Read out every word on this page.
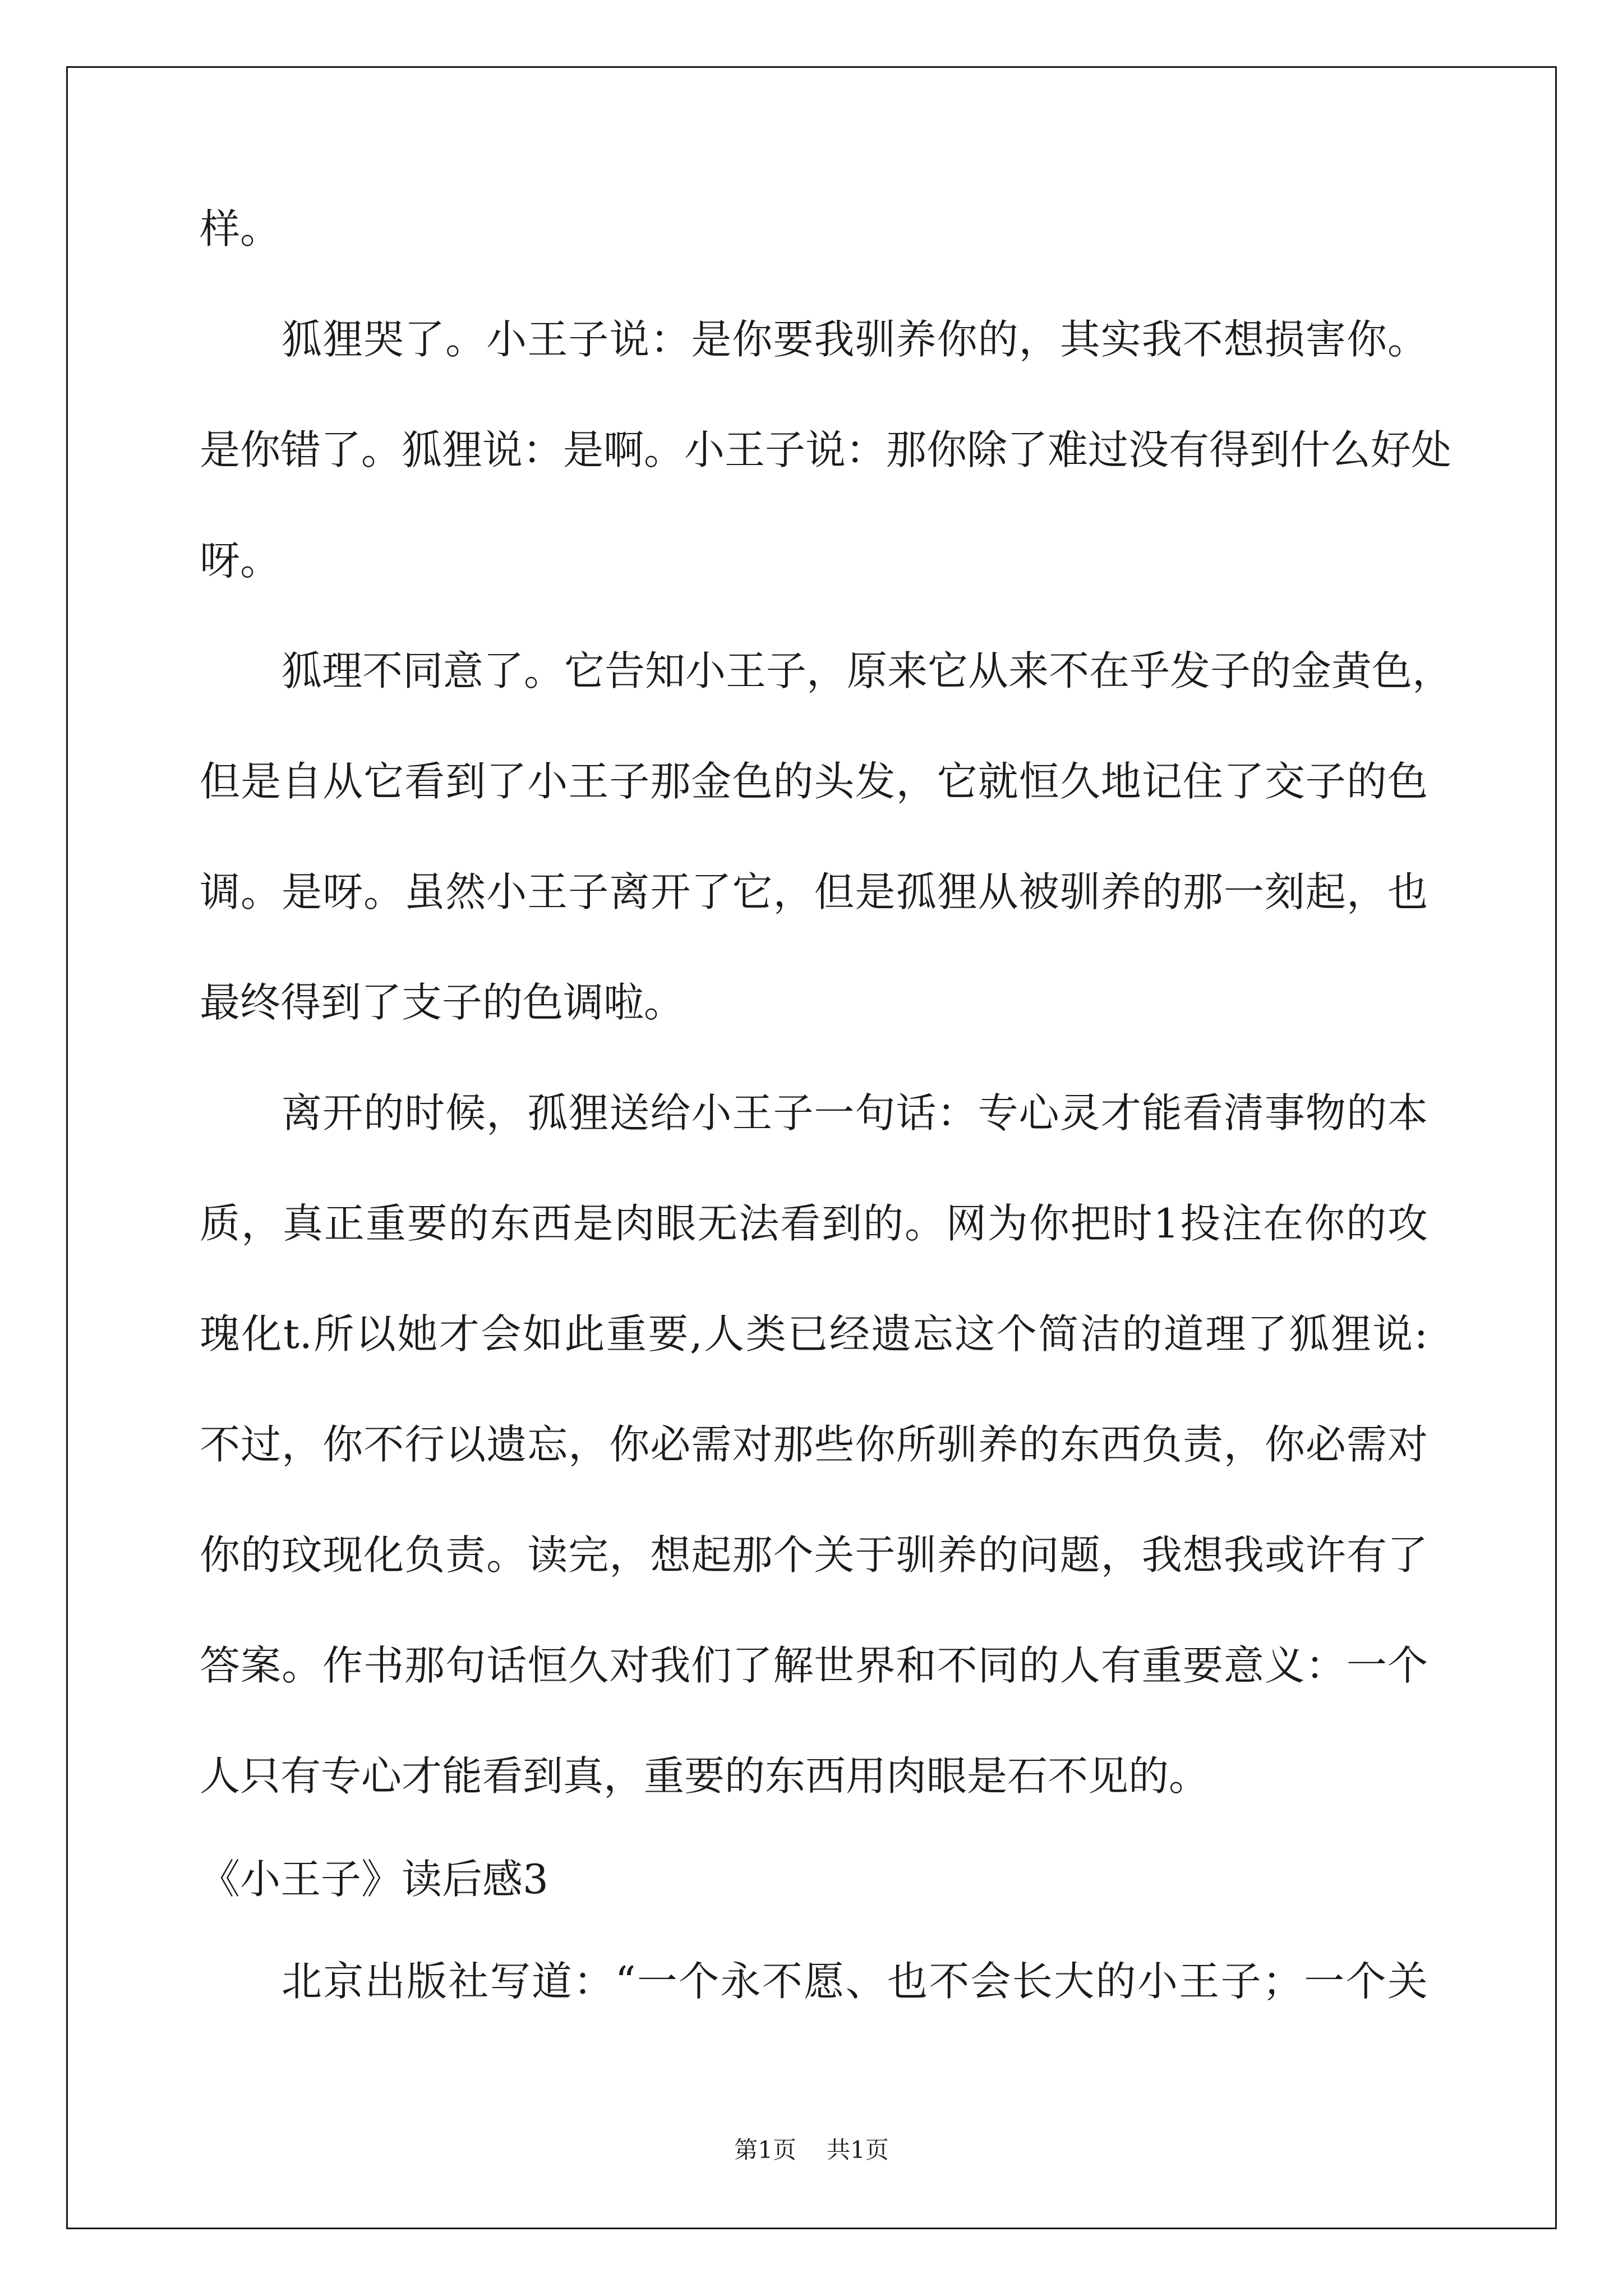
样。
狐狸哭了。小王子说：是你要我驯养你的，其实我不想损害你。
是你错了。狐狸说：是啊。小王子说：那你除了难过没有得到什么好处
呀。
狐理不同意了。它告知小王子，原来它从来不在乎发子的金黄色，
但是自从它看到了小王子那金色的头发，它就恒久地记住了交子的色
调。是呀。虽然小王子离开了它，但是孤狸从被驯养的那一刻起，也
最终得到了支子的色调啦。
离开的时候，孤狸送给小王子一句话：专心灵才能看清事物的本
质，真正重要的东西是肉眼无法看到的。网为你把时1投注在你的攻
瑰化t.所以她才会如此重要,人类已经遗忘这个简洁的道理了狐狸说:
不过，你不行以遗忘，你必需对那些你所驯养的东西负责，你必需对
你的玟现化负责。读完，想起那个关于驯养的问题，我想我或许有了
答案。作书那句话恒久对我们了解世界和不同的人有重要意义：一个
人只有专心才能看到真，重要的东西用肉眼是石不见的。
《小王子》读后感3
北京出版社写道：“一个永不愿、也不会长大的小王子；一个关
第1页 共1页
